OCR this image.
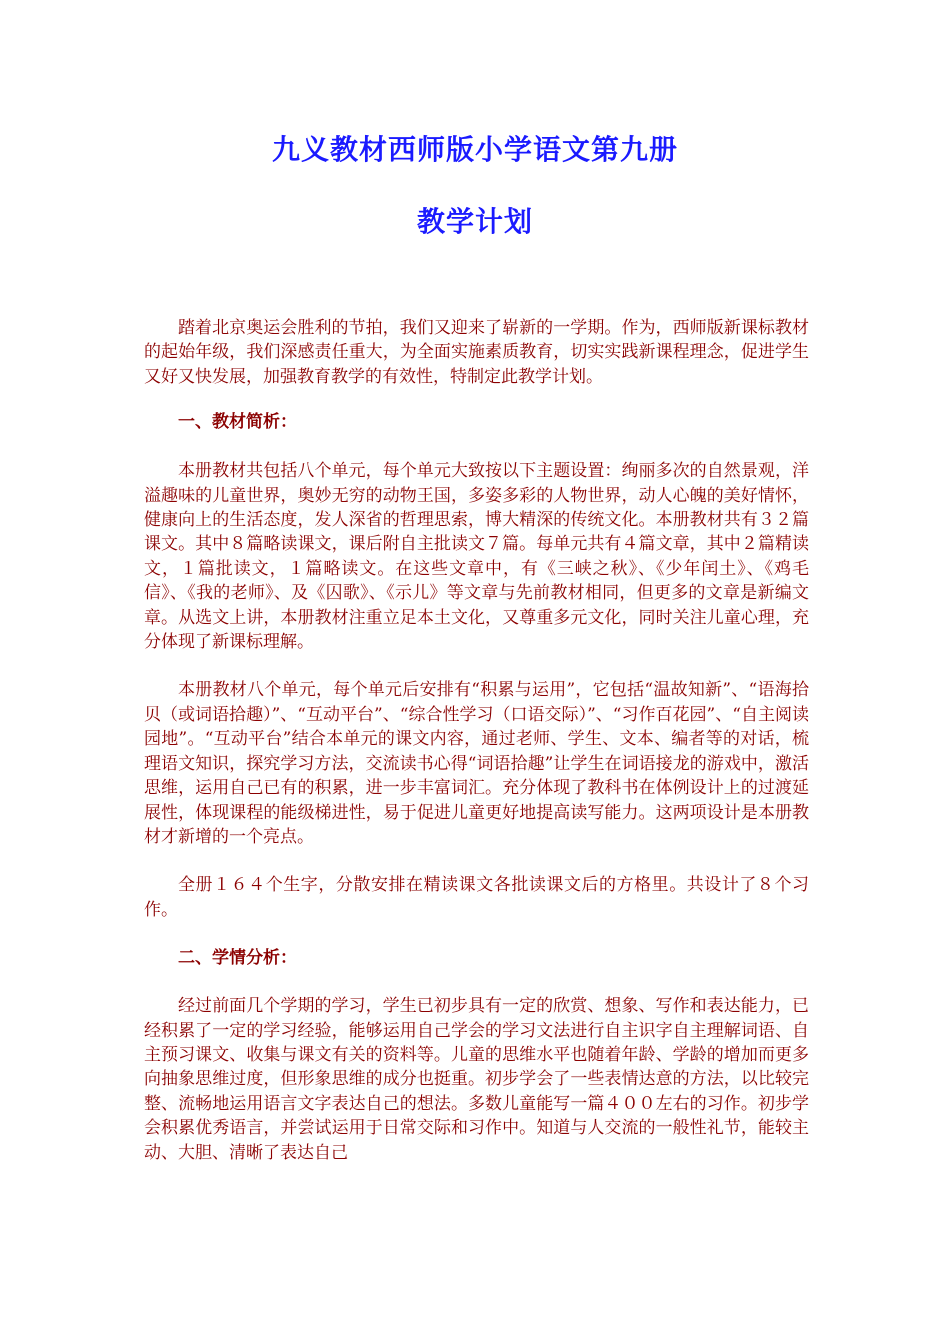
九义教材西师版小学语文第九册
教学计划

踏着北京奥运会胜利的节拍，我们又迎来了崭新的一学期。作为，西师版新课标教材的起始年级，我们深感责任重大，为全面实施素质教育，切实实践新课程理念，促进学生又好又快发展，加强教育教学的有效性，特制定此教学计划。

一、教材简析：

本册教材共包括八个单元，每个单元大致按以下主题设置：绚丽多次的自然景观，洋溢趣味的儿童世界，奥妙无穷的动物王国，多姿多彩的人物世界，动人心魄的美好情怀，健康向上的生活态度，发人深省的哲理思索，博大精深的传统文化。本册教材共有３２篇课文。其中８篇略读课文，课后附自主批读文７篇。每单元共有４篇文章，其中２篇精读文，１篇批读文，１篇略读文。在这些文章中，有《三峡之秋》、《少年闰土》、《鸡毛信》、《我的老师》、及《囚歌》、《示儿》等文章与先前教材相同，但更多的文章是新编文章。从选文上讲，本册教材注重立足本土文化，又尊重多元文化，同时关注儿童心理，充分体现了新课标理解。

本册教材八个单元，每个单元后安排有“积累与运用”，它包括“温故知新”、“语海拾贝（或词语拾趣）”、“互动平台”、“综合性学习（口语交际）”、“习作百花园”、“自主阅读园地”。“互动平台”结合本单元的课文内容，通过老师、学生、文本、编者等的对话，梳理语文知识，探究学习方法，交流读书心得“词语拾趣”让学生在词语接龙的游戏中，激活思维，运用自己已有的积累，进一步丰富词汇。充分体现了教科书在体例设计上的过渡延展性，体现课程的能级梯进性，易于促进儿童更好地提高读写能力。这两项设计是本册教材才新增的一个亮点。

全册１６４个生字，分散安排在精读课文各批读课文后的方格里。共设计了８个习作。

二、学情分析：

经过前面几个学期的学习，学生已初步具有一定的欣赏、想象、写作和表达能力，已经积累了一定的学习经验，能够运用自己学会的学习文法进行自主识字自主理解词语、自主预习课文、收集与课文有关的资料等。儿童的思维水平也随着年龄、学龄的增加而更多向抽象思维过度，但形象思维的成分也挺重。初步学会了一些表情达意的方法，以比较完整、流畅地运用语言文字表达自己的想法。多数儿童能写一篇４００左右的习作。初步学会积累优秀语言，并尝试运用于日常交际和习作中。知道与人交流的一般性礼节，能较主动、大胆、清晰了表达自己
